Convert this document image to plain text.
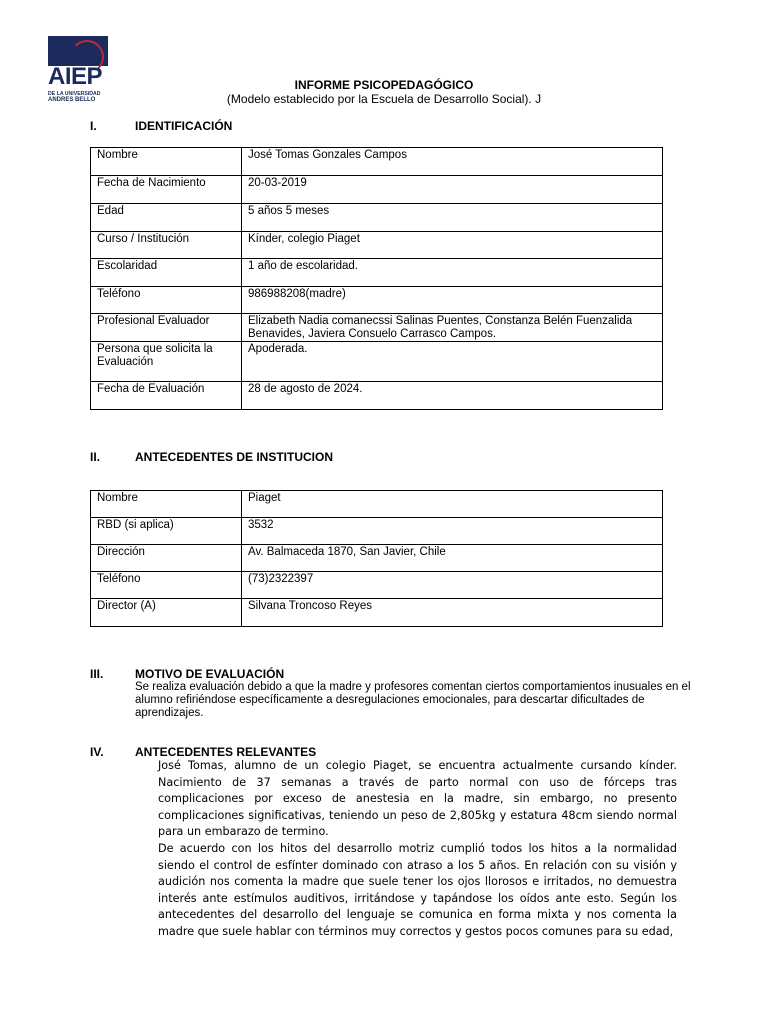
AIEP
DE LA UNIVERSIDAD
ANDRES BELLO
INFORME PSICOPEDAGÓGICO
(Modelo establecido por la Escuela de Desarrollo Social). J
I.	IDENTIFICACIÓN
Nombre	José Tomas Gonzales Campos
Fecha de Nacimiento	20-03-2019
Edad	5 años 5 meses
Curso / Institución	Kínder, colegio Piaget
Escolaridad	1 año de escolaridad.
Teléfono	986988208(madre)
Profesional Evaluador	Elizabeth Nadia comanecssi Salinas Puentes, Constanza Belén Fuenzalida Benavides, Javiera Consuelo Carrasco Campos.
Persona que solicita la Evaluación	Apoderada.
Fecha de Evaluación	28 de agosto de 2024.
II.	ANTECEDENTES DE INSTITUCION
Nombre	Piaget
RBD (si aplica)	3532
Dirección	Av. Balmaceda 1870, San Javier, Chile
Teléfono	(73)2322397
Director (A)	Silvana Troncoso Reyes
III.	MOTIVO DE EVALUACIÓN
Se realiza evaluación debido a que la madre y profesores comentan ciertos comportamientos inusuales en el alumno refiriéndose específicamente a desregulaciones emocionales, para descartar dificultades de aprendizajes.
IV.	ANTECEDENTES RELEVANTES
José Tomas, alumno de un colegio Piaget, se encuentra actualmente cursando kínder. Nacimiento de 37 semanas a través de parto normal con uso de fórceps tras complicaciones por exceso de anestesia en la madre, sin embargo, no presento complicaciones significativas, teniendo un peso de 2,805kg y estatura 48cm siendo normal para un embarazo de termino.
De acuerdo con los hitos del desarrollo motriz cumplió todos los hitos a la normalidad siendo el control de esfínter dominado con atraso a los 5 años. En relación con su visión y audición nos comenta la madre que suele tener los ojos llorosos e irritados, no demuestra interés ante estímulos auditivos, irritándose y tapándose los oídos ante esto. Según los antecedentes del desarrollo del lenguaje se comunica en forma mixta y nos comenta la madre que suele hablar con términos muy correctos y gestos pocos comunes para su edad,
